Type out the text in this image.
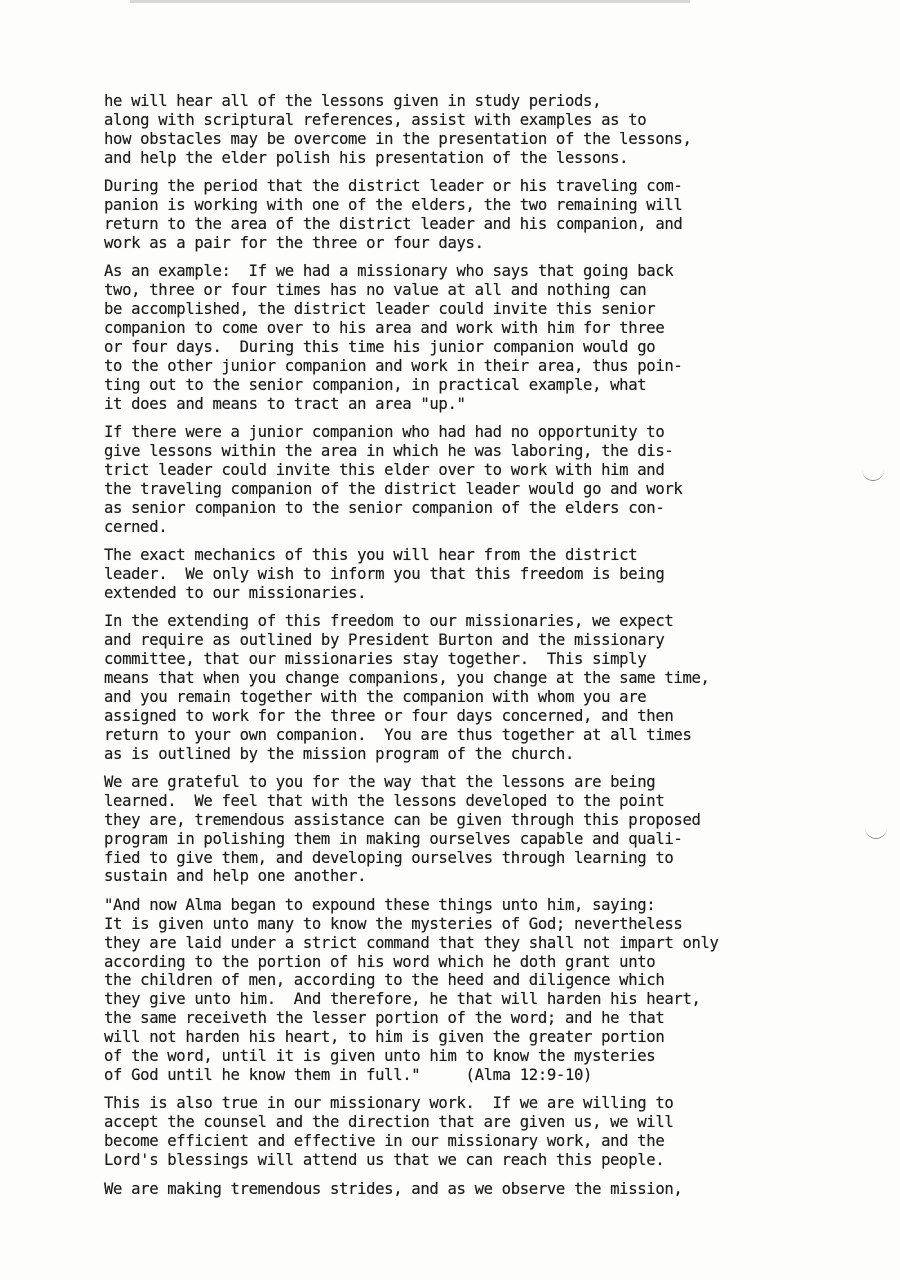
he will hear all of the lessons given in study periods,
along with scriptural references, assist with examples as to
how obstacles may be overcome in the presentation of the lessons,
and help the elder polish his presentation of the lessons.
During the period that the district leader or his traveling com-
panion is working with one of the elders, the two remaining will
return to the area of the district leader and his companion, and
work as a pair for the three or four days.
As an example:  If we had a missionary who says that going back
two, three or four times has no value at all and nothing can
be accomplished, the district leader could invite this senior
companion to come over to his area and work with him for three
or four days.  During this time his junior companion would go
to the other junior companion and work in their area, thus poin-
ting out to the senior companion, in practical example, what
it does and means to tract an area "up."
If there were a junior companion who had had no opportunity to
give lessons within the area in which he was laboring, the dis-
trict leader could invite this elder over to work with him and
the traveling companion of the district leader would go and work
as senior companion to the senior companion of the elders con-
cerned.
The exact mechanics of this you will hear from the district
leader.  We only wish to inform you that this freedom is being
extended to our missionaries.
In the extending of this freedom to our missionaries, we expect
and require as outlined by President Burton and the missionary
committee, that our missionaries stay together.  This simply
means that when you change companions, you change at the same time,
and you remain together with the companion with whom you are
assigned to work for the three or four days concerned, and then
return to your own companion.  You are thus together at all times
as is outlined by the mission program of the church.
We are grateful to you for the way that the lessons are being
learned.  We feel that with the lessons developed to the point
they are, tremendous assistance can be given through this proposed
program in polishing them in making ourselves capable and quali-
fied to give them, and developing ourselves through learning to
sustain and help one another.
"And now Alma began to expound these things unto him, saying:
It is given unto many to know the mysteries of God; nevertheless
they are laid under a strict command that they shall not impart only
according to the portion of his word which he doth grant unto
the children of men, according to the heed and diligence which
they give unto him.  And therefore, he that will harden his heart,
the same receiveth the lesser portion of the word; and he that
will not harden his heart, to him is given the greater portion
of the word, until it is given unto him to know the mysteries
of God until he know them in full."     (Alma 12:9-10)
This is also true in our missionary work.  If we are willing to
accept the counsel and the direction that are given us, we will
become efficient and effective in our missionary work, and the
Lord's blessings will attend us that we can reach this people.
We are making tremendous strides, and as we observe the mission,
